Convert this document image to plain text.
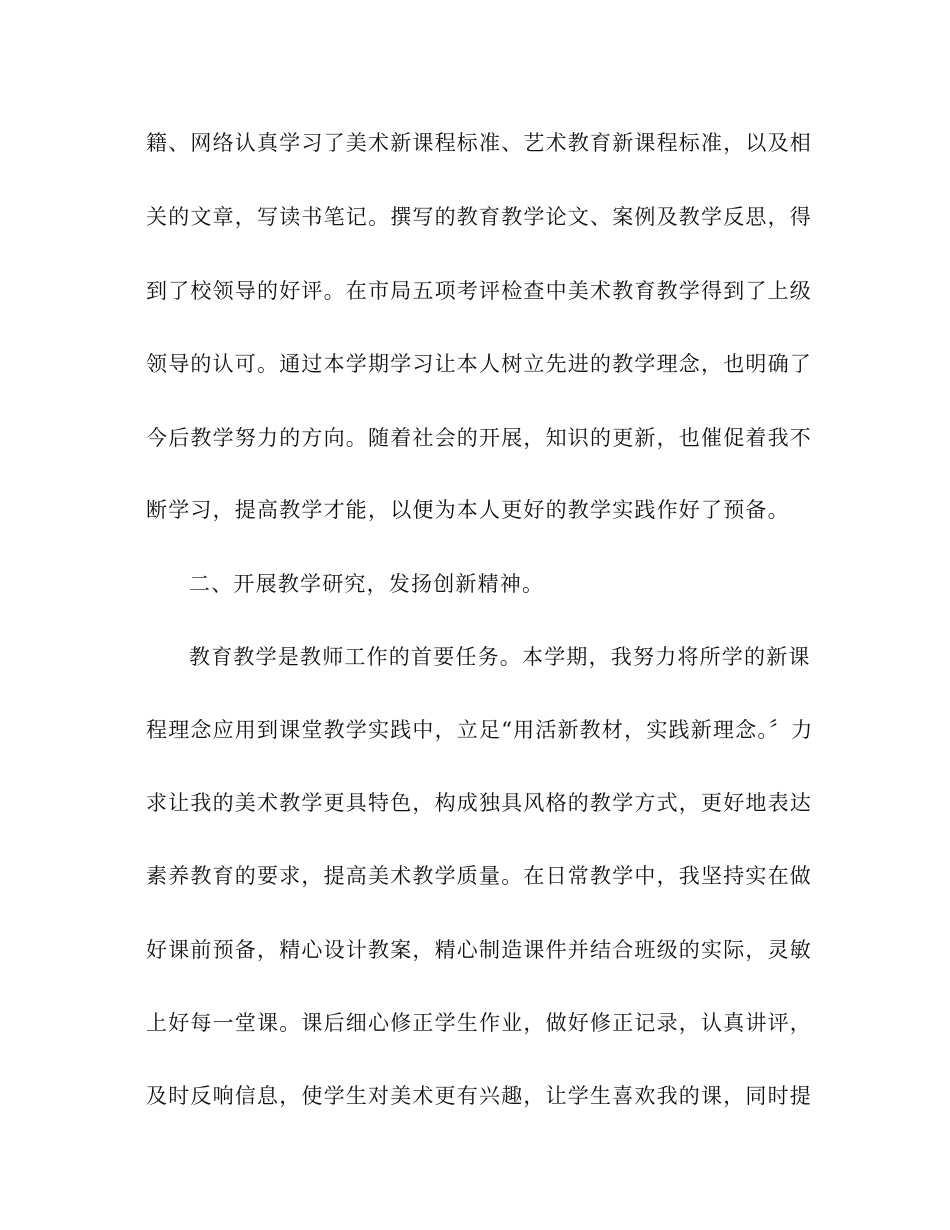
籍、网络认真学习了美术新课程标准、艺术教育新课程标准，以及相
关的文章，写读书笔记。撰写的教育教学论文、案例及教学反思，得
到了校领导的好评。在市局五项考评检查中美术教育教学得到了上级
领导的认可。通过本学期学习让本人树立先进的教学理念，也明确了
今后教学努力的方向。随着社会的开展，知识的更新，也催促着我不
断学习，提高教学才能，以便为本人更好的教学实践作好了预备。
二、开展教学研究，发扬创新精神。
教育教学是教师工作的首要任务。本学期，我努力将所学的新课
程理念应用到课堂教学实践中，立足“用活新教材，实践新理念。〞力
求让我的美术教学更具特色，构成独具风格的教学方式，更好地表达
素养教育的要求，提高美术教学质量。在日常教学中，我坚持实在做
好课前预备，精心设计教案，精心制造课件并结合班级的实际，灵敏
上好每一堂课。课后细心修正学生作业，做好修正记录，认真讲评，
及时反响信息，使学生对美术更有兴趣，让学生喜欢我的课，同时提
